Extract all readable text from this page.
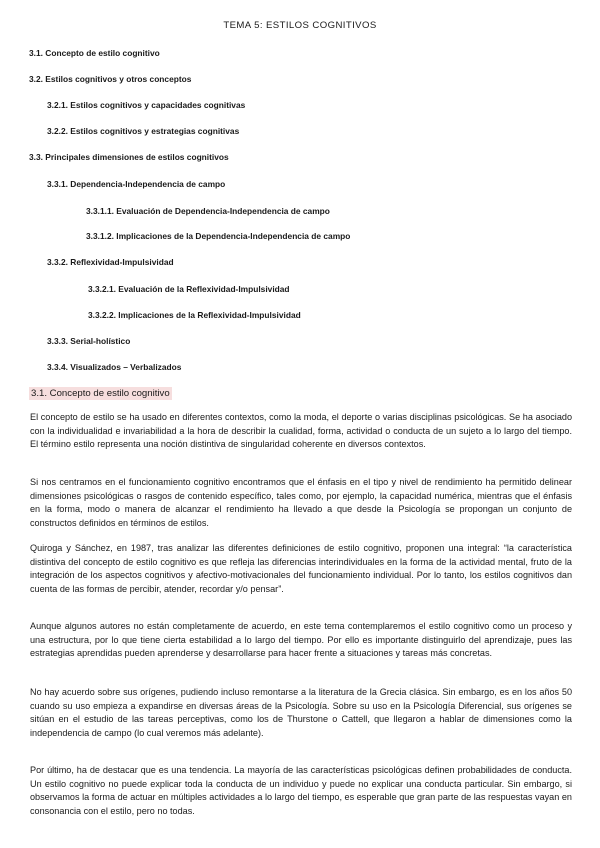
TEMA 5: ESTILOS COGNITIVOS
3.1. Concepto de estilo cognitivo
3.2. Estilos cognitivos y otros conceptos
3.2.1. Estilos cognitivos y capacidades cognitivas
3.2.2. Estilos cognitivos y estrategias cognitivas
3.3. Principales dimensiones de estilos cognitivos
3.3.1. Dependencia-Independencia de campo
3.3.1.1. Evaluación de Dependencia-Independencia de campo
3.3.1.2. Implicaciones de la Dependencia-Independencia de campo
3.3.2. Reflexividad-Impulsividad
3.3.2.1. Evaluación de la Reflexividad-Impulsividad
3.3.2.2. Implicaciones de la Reflexividad-Impulsividad
3.3.3. Serial-holístico
3.3.4. Visualizados – Verbalizados
3.1. Concepto de estilo cognitivo

El concepto de estilo se ha usado en diferentes contextos, como la moda, el deporte o varias disciplinas psicológicas. Se ha asociado con la individualidad e invariabilidad a la hora de describir la cualidad, forma, actividad o conducta de un sujeto a lo largo del tiempo. El término estilo representa una noción distintiva de singularidad coherente en diversos contextos.

Si nos centramos en el funcionamiento cognitivo encontramos que el énfasis en el tipo y nivel de rendimiento ha permitido delinear dimensiones psicológicas o rasgos de contenido específico, tales como, por ejemplo, la capacidad numérica, mientras que el énfasis en la forma, modo o manera de alcanzar el rendimiento ha llevado a que desde la Psicología se propongan un conjunto de constructos definidos en términos de estilos.

Quiroga y Sánchez, en 1987, tras analizar las diferentes definiciones de estilo cognitivo, proponen una integral: “la característica distintiva del concepto de estilo cognitivo es que refleja las diferencias interindividuales en la forma de la actividad mental, fruto de la integración de los aspectos cognitivos y afectivo-motivacionales del funcionamiento individual. Por lo tanto, los estilos cognitivos dan cuenta de las formas de percibir, atender, recordar y/o pensar”.

Aunque algunos autores no están completamente de acuerdo, en este tema contemplaremos el estilo cognitivo como un proceso y una estructura, por lo que tiene cierta estabilidad a lo largo del tiempo. Por ello es importante distinguirlo del aprendizaje, pues las estrategias aprendidas pueden aprenderse y desarrollarse para hacer frente a situaciones y tareas más concretas.

No hay acuerdo sobre sus orígenes, pudiendo incluso remontarse a la literatura de la Grecia clásica. Sin embargo, es en los años 50 cuando su uso empieza a expandirse en diversas áreas de la Psicología. Sobre su uso en la Psicología Diferencial, sus orígenes se sitúan en el estudio de las tareas perceptivas, como los de Thurstone o Cattell, que llegaron a hablar de dimensiones como la independencia de campo (lo cual veremos más adelante).

Por último, ha de destacar que es una tendencia. La mayoría de las características psicológicas definen probabilidades de conducta. Un estilo cognitivo no puede explicar toda la conducta de un individuo y puede no explicar una conducta particular. Sin embargo, si observamos la forma de actuar en múltiples actividades a lo largo del tiempo, es esperable que gran parte de las respuestas vayan en consonancia con el estilo, pero no todas.
